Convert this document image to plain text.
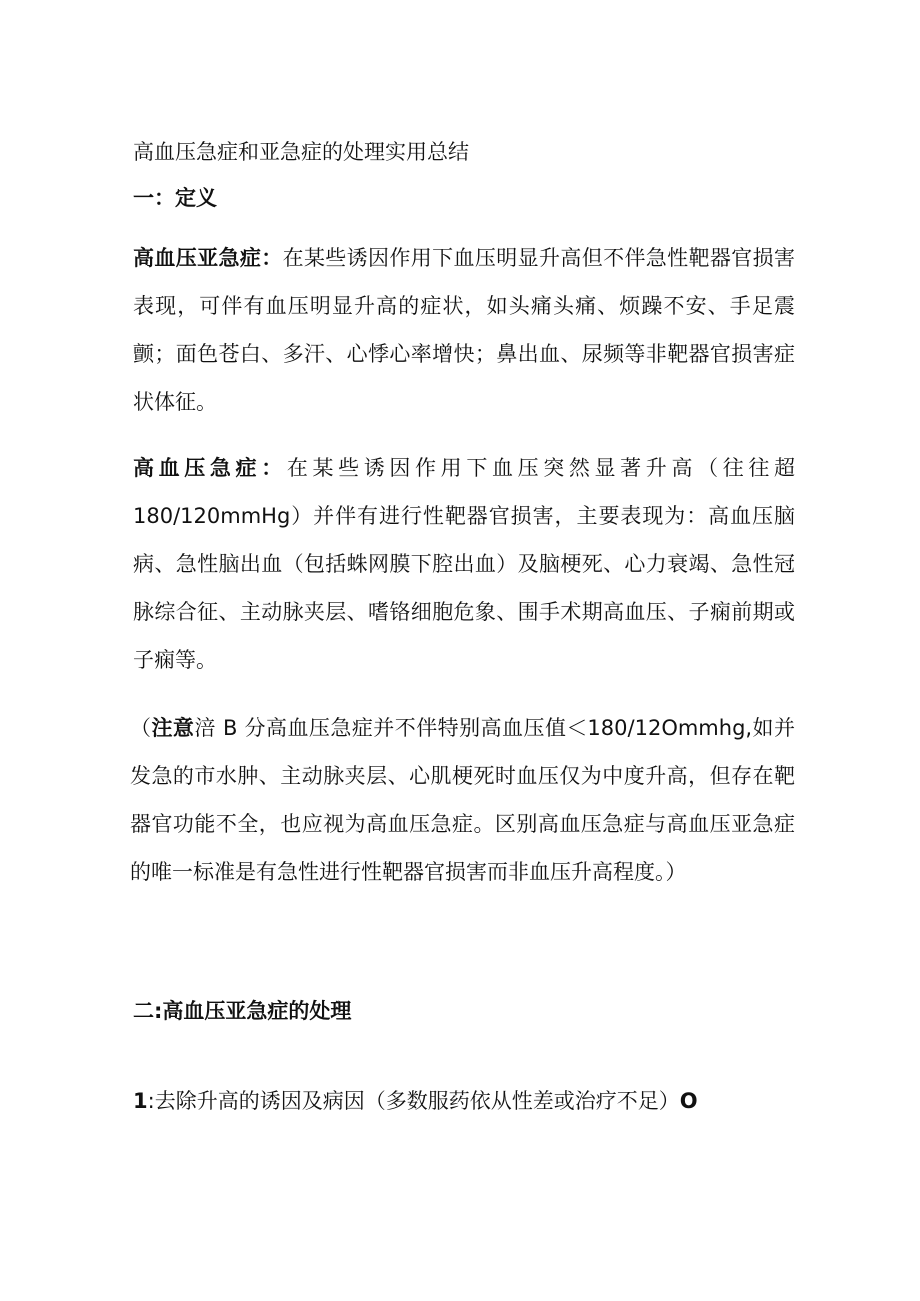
高血压急症和亚急症的处理实用总结
一：定义
高血压亚急症：在某些诱因作用下血压明显升高但不伴急性靶器官损害表现，可伴有血压明显升高的症状，如头痛头痛、烦躁不安、手足震颤；面色苍白、多汗、心悸心率增快；鼻出血、尿频等非靶器官损害症状体征。
高血压急症：在某些诱因作用下血压突然显著升高（往往超180/120mmHg）并伴有进行性靶器官损害，主要表现为：高血压脑病、急性脑出血（包括蛛网膜下腔出血）及脑梗死、心力衰竭、急性冠脉综合征、主动脉夹层、嗜铬细胞危象、围手术期高血压、子痫前期或子痫等。
（注意涪 B 分高血压急症并不伴特别高血压值＜180/12Ommhg,如并发急的市水肿、主动脉夹层、心肌梗死时血压仅为中度升高，但存在靶器官功能不全，也应视为高血压急症。区别高血压急症与高血压亚急症的唯一标准是有急性进行性靶器官损害而非血压升高程度。）
二:高血压亚急症的处理
1:去除升高的诱因及病因（多数服药依从性差或治疗不足）O
